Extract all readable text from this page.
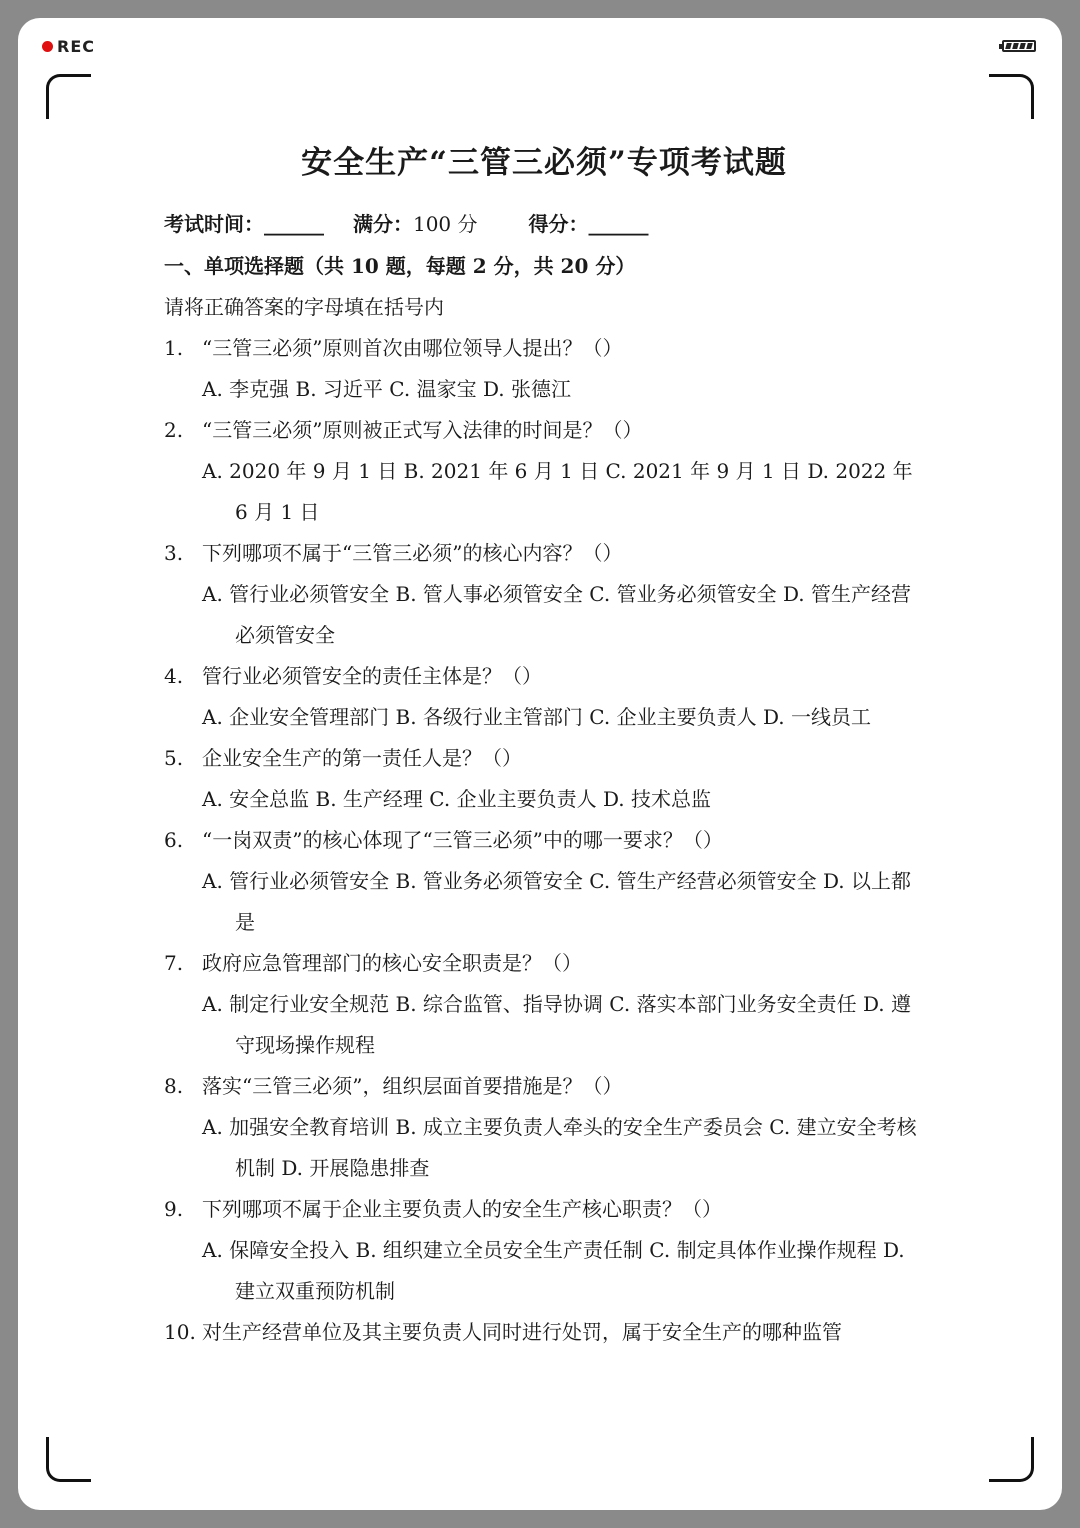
REC
安全生产“三管三必须”专项考试题
考试时间：______ 满分：100 分	得分：______
一、单项选择题（共 10 题，每题 2 分，共 20 分）
请将正确答案的字母填在括号内
1. “三管三必须”原则首次由哪位领导人提出？（）
A. 李克强 B. 习近平 C. 温家宝 D. 张德江
2. “三管三必须”原则被正式写入法律的时间是？（）
A. 2020 年 9 月 1 日 B. 2021 年 6 月 1 日 C. 2021 年 9 月 1 日 D. 2022 年 6 月 1 日
3. 下列哪项不属于“三管三必须”的核心内容？（）
A. 管行业必须管安全 B. 管人事必须管安全 C. 管业务必须管安全 D. 管生产经营必须管安全
4. 管行业必须管安全的责任主体是？（）
A. 企业安全管理部门 B. 各级行业主管部门 C. 企业主要负责人 D. 一线员工
5. 企业安全生产的第一责任人是？（）
A. 安全总监 B. 生产经理 C. 企业主要负责人 D. 技术总监
6. “一岗双责”的核心体现了“三管三必须”中的哪一要求？（）
A. 管行业必须管安全 B. 管业务必须管安全 C. 管生产经营必须管安全 D. 以上都是
7. 政府应急管理部门的核心安全职责是？（）
A. 制定行业安全规范 B. 综合监管、指导协调 C. 落实本部门业务安全责任 D. 遵守现场操作规程
8. 落实“三管三必须”，组织层面首要措施是？（）
A. 加强安全教育培训 B. 成立主要负责人牵头的安全生产委员会 C. 建立安全考核机制 D. 开展隐患排查
9. 下列哪项不属于企业主要负责人的安全生产核心职责？（）
A. 保障安全投入 B. 组织建立全员安全生产责任制 C. 制定具体作业操作规程 D. 建立双重预防机制
10. 对生产经营单位及其主要负责人同时进行处罚，属于安全生产的哪种监管
